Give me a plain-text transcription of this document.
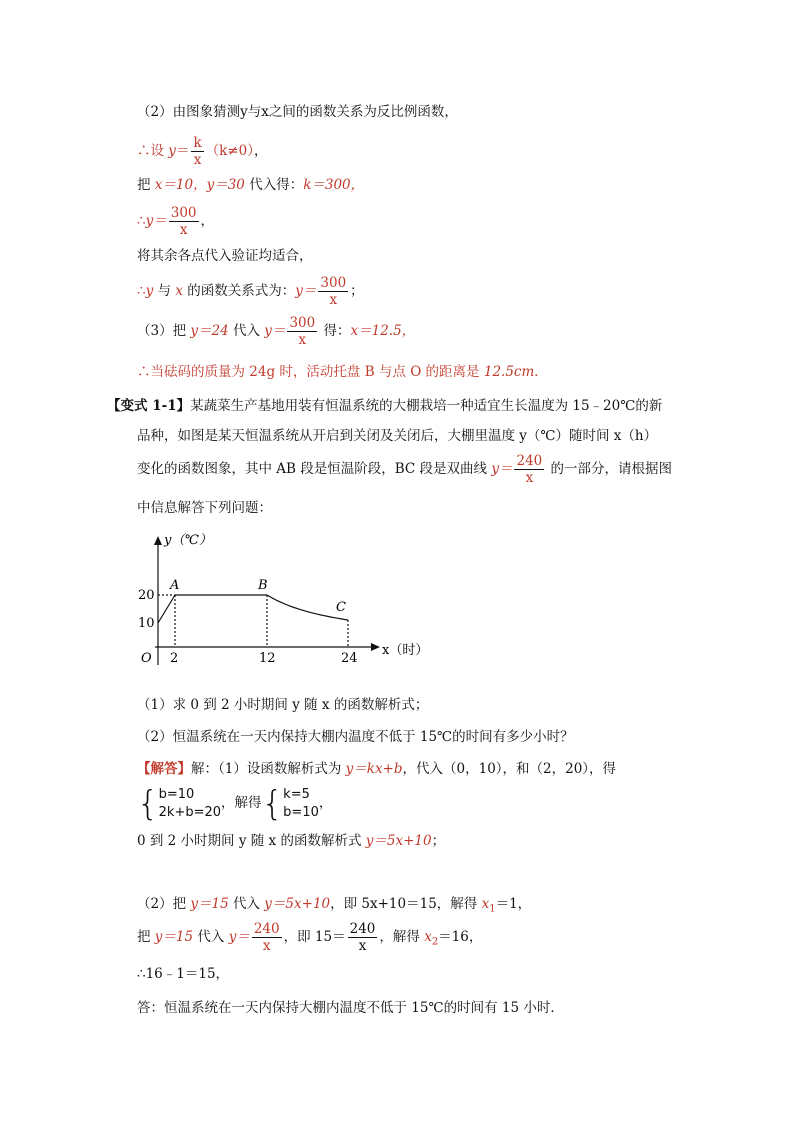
（2）由图象猜测y与x之间的函数关系为反比例函数，
∴设 $y= \frac{k}{x} (k\ne 0)$，
把 x＝10，y＝30 代入得：k＝300，
∴y＝ $\frac{300}{x}$ ，
将其余各点代入验证均适合，
∴y 与 x 的函数关系式为：$y= \frac{300}{x}$ ；
（3）把 y＝24 代入 $y= \frac{300}{x}$ 得：x＝12.5，
∴当砝码的质量为 24g 时，活动托盘 B 与点 O 的距离是 12.5cm．
【变式 1-1】某蔬菜生产基地用装有恒温系统的大棚栽培一种适宜生长温度为 15﹣20℃的新
品种，如图是某天恒温系统从开启到关闭及关闭后，大棚里温度 y（℃）随时间 x（h）
变化的函数图象，其中 AB 段是恒温阶段，BC 段是双曲线 $y= \frac{240}{x}$ 的一部分，请根据图
中信息解答下列问题：
y（℃）
x（时）
O
20
10
2	12	24
A	B
C
（1）求 0 到 2 小时期间 y 随 x 的函数解析式；
（2）恒温系统在一天内保持大棚内温度不低于 15℃的时间有多少小时？
【解答】解：（1）设函数解析式为 y＝kx+b，代入（0，10），和（2，20），得
{ b=10
2k+b=20
，解得{ k=5
b=10
，
0 到 2 小时期间 y 随 x 的函数解析式 y＝5x+10；
（2）把 y＝15 代入 y＝5x+10，即 5x+10＝15，解得 $x_1=1$，
把 y＝15 代入 $y= \frac{240}{x}$ ，即 $15= \frac{240}{x}$ ，解得 $x_2=16$，
∴16﹣1＝15，
答：恒温系统在一天内保持大棚内温度不低于 15℃的时间有 15 小时．
